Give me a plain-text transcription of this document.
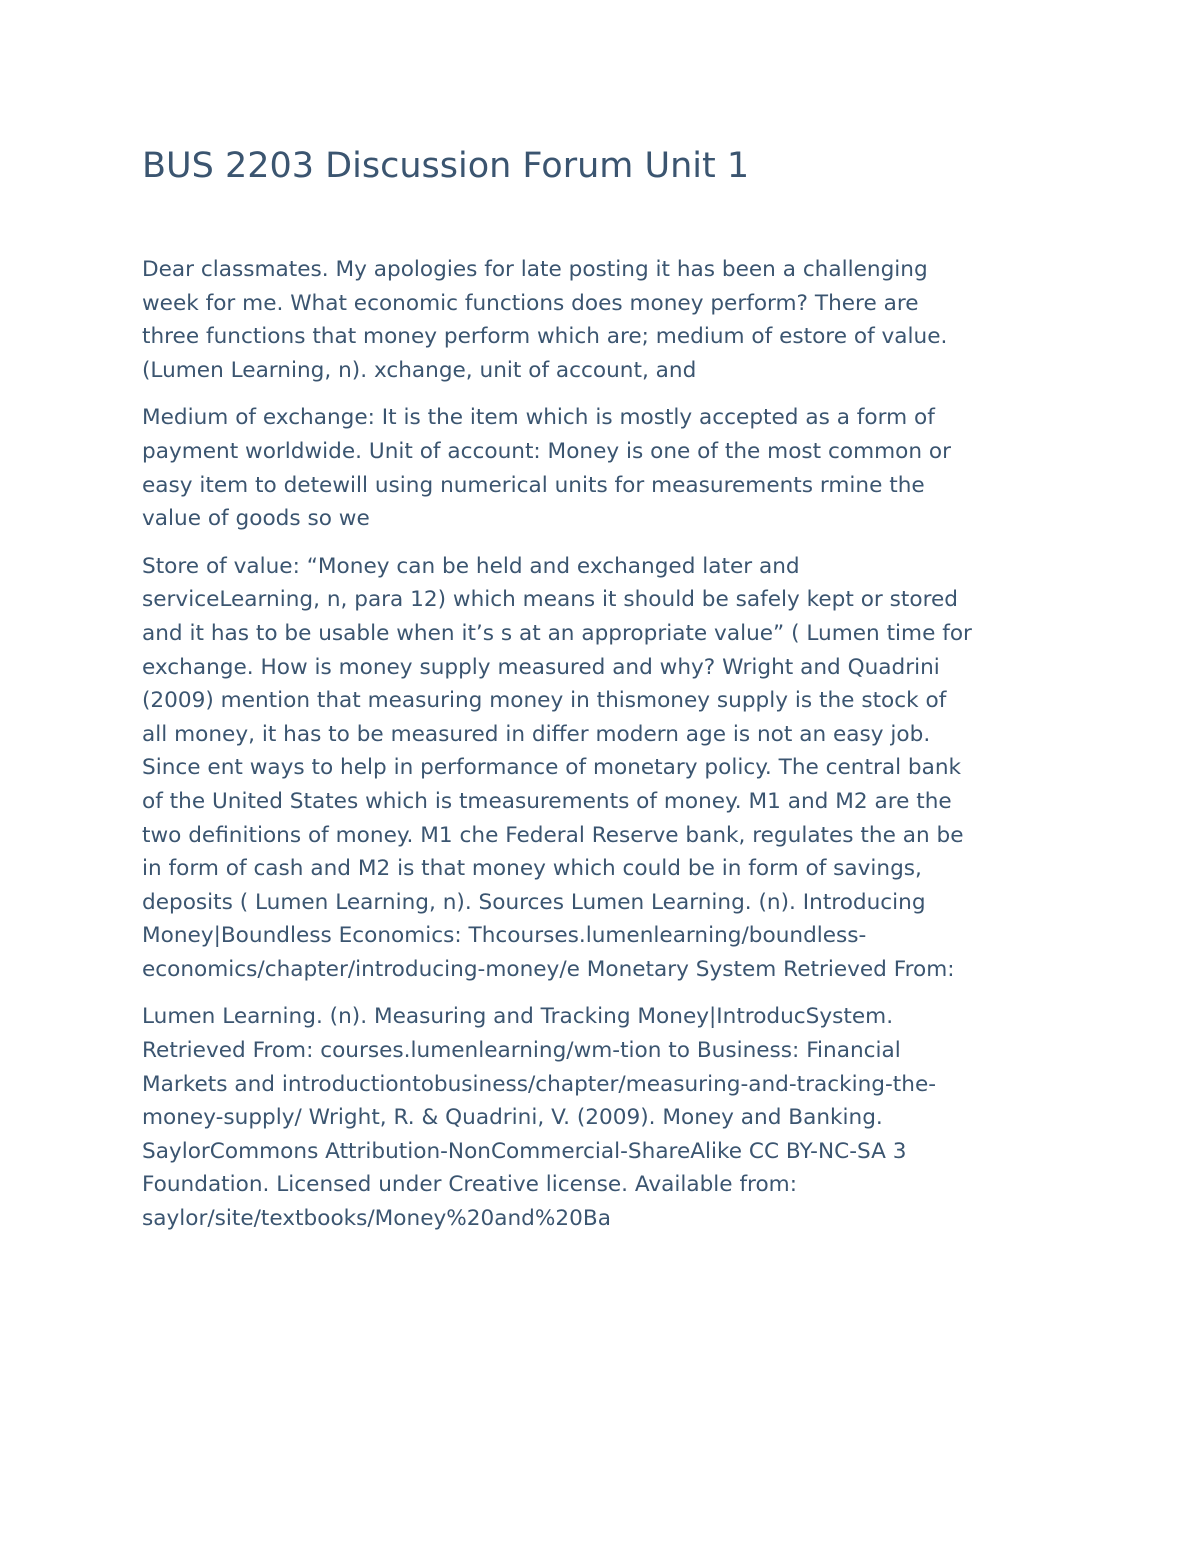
BUS 2203 Discussion Forum Unit 1

Dear classmates. My apologies for late posting it has been a challenging
week for me. What economic functions does money perform? There are
three functions that money perform which are; medium of estore of value.
(Lumen Learning, n). xchange, unit of account, and

Medium of exchange: It is the item which is mostly accepted as a form of
payment worldwide. Unit of account: Money is one of the most common or
easy item to detewill using numerical units for measurements rmine the
value of goods so we

Store of value: “Money can be held and exchanged later and
serviceLearning, n, para 12) which means it should be safely kept or stored
and it has to be usable when it’s s at an appropriate value” ( Lumen time for
exchange. How is money supply measured and why? Wright and Quadrini
(2009) mention that measuring money in thismoney supply is the stock of
all money, it has to be measured in differ modern age is not an easy job.
Since ent ways to help in performance of monetary policy. The central bank
of the United States which is tmeasurements of money. M1 and M2 are the
two definitions of money. M1 che Federal Reserve bank, regulates the an be
in form of cash and M2 is that money which could be in form of savings,
deposits ( Lumen Learning, n). Sources Lumen Learning. (n). Introducing
Money|Boundless Economics: Thcourses.lumenlearning/boundless-
economics/chapter/introducing-money/e Monetary System Retrieved From:

Lumen Learning. (n). Measuring and Tracking Money|IntroducSystem.
Retrieved From: courses.lumenlearning/wm-tion to Business: Financial
Markets and introductiontobusiness/chapter/measuring-and-tracking-the-
money-supply/ Wright, R. & Quadrini, V. (2009). Money and Banking.
SaylorCommons Attribution-NonCommercial-ShareAlike CC BY-NC-SA 3
Foundation. Licensed under Creative license. Available from:
saylor/site/textbooks/Money%20and%20Ba
